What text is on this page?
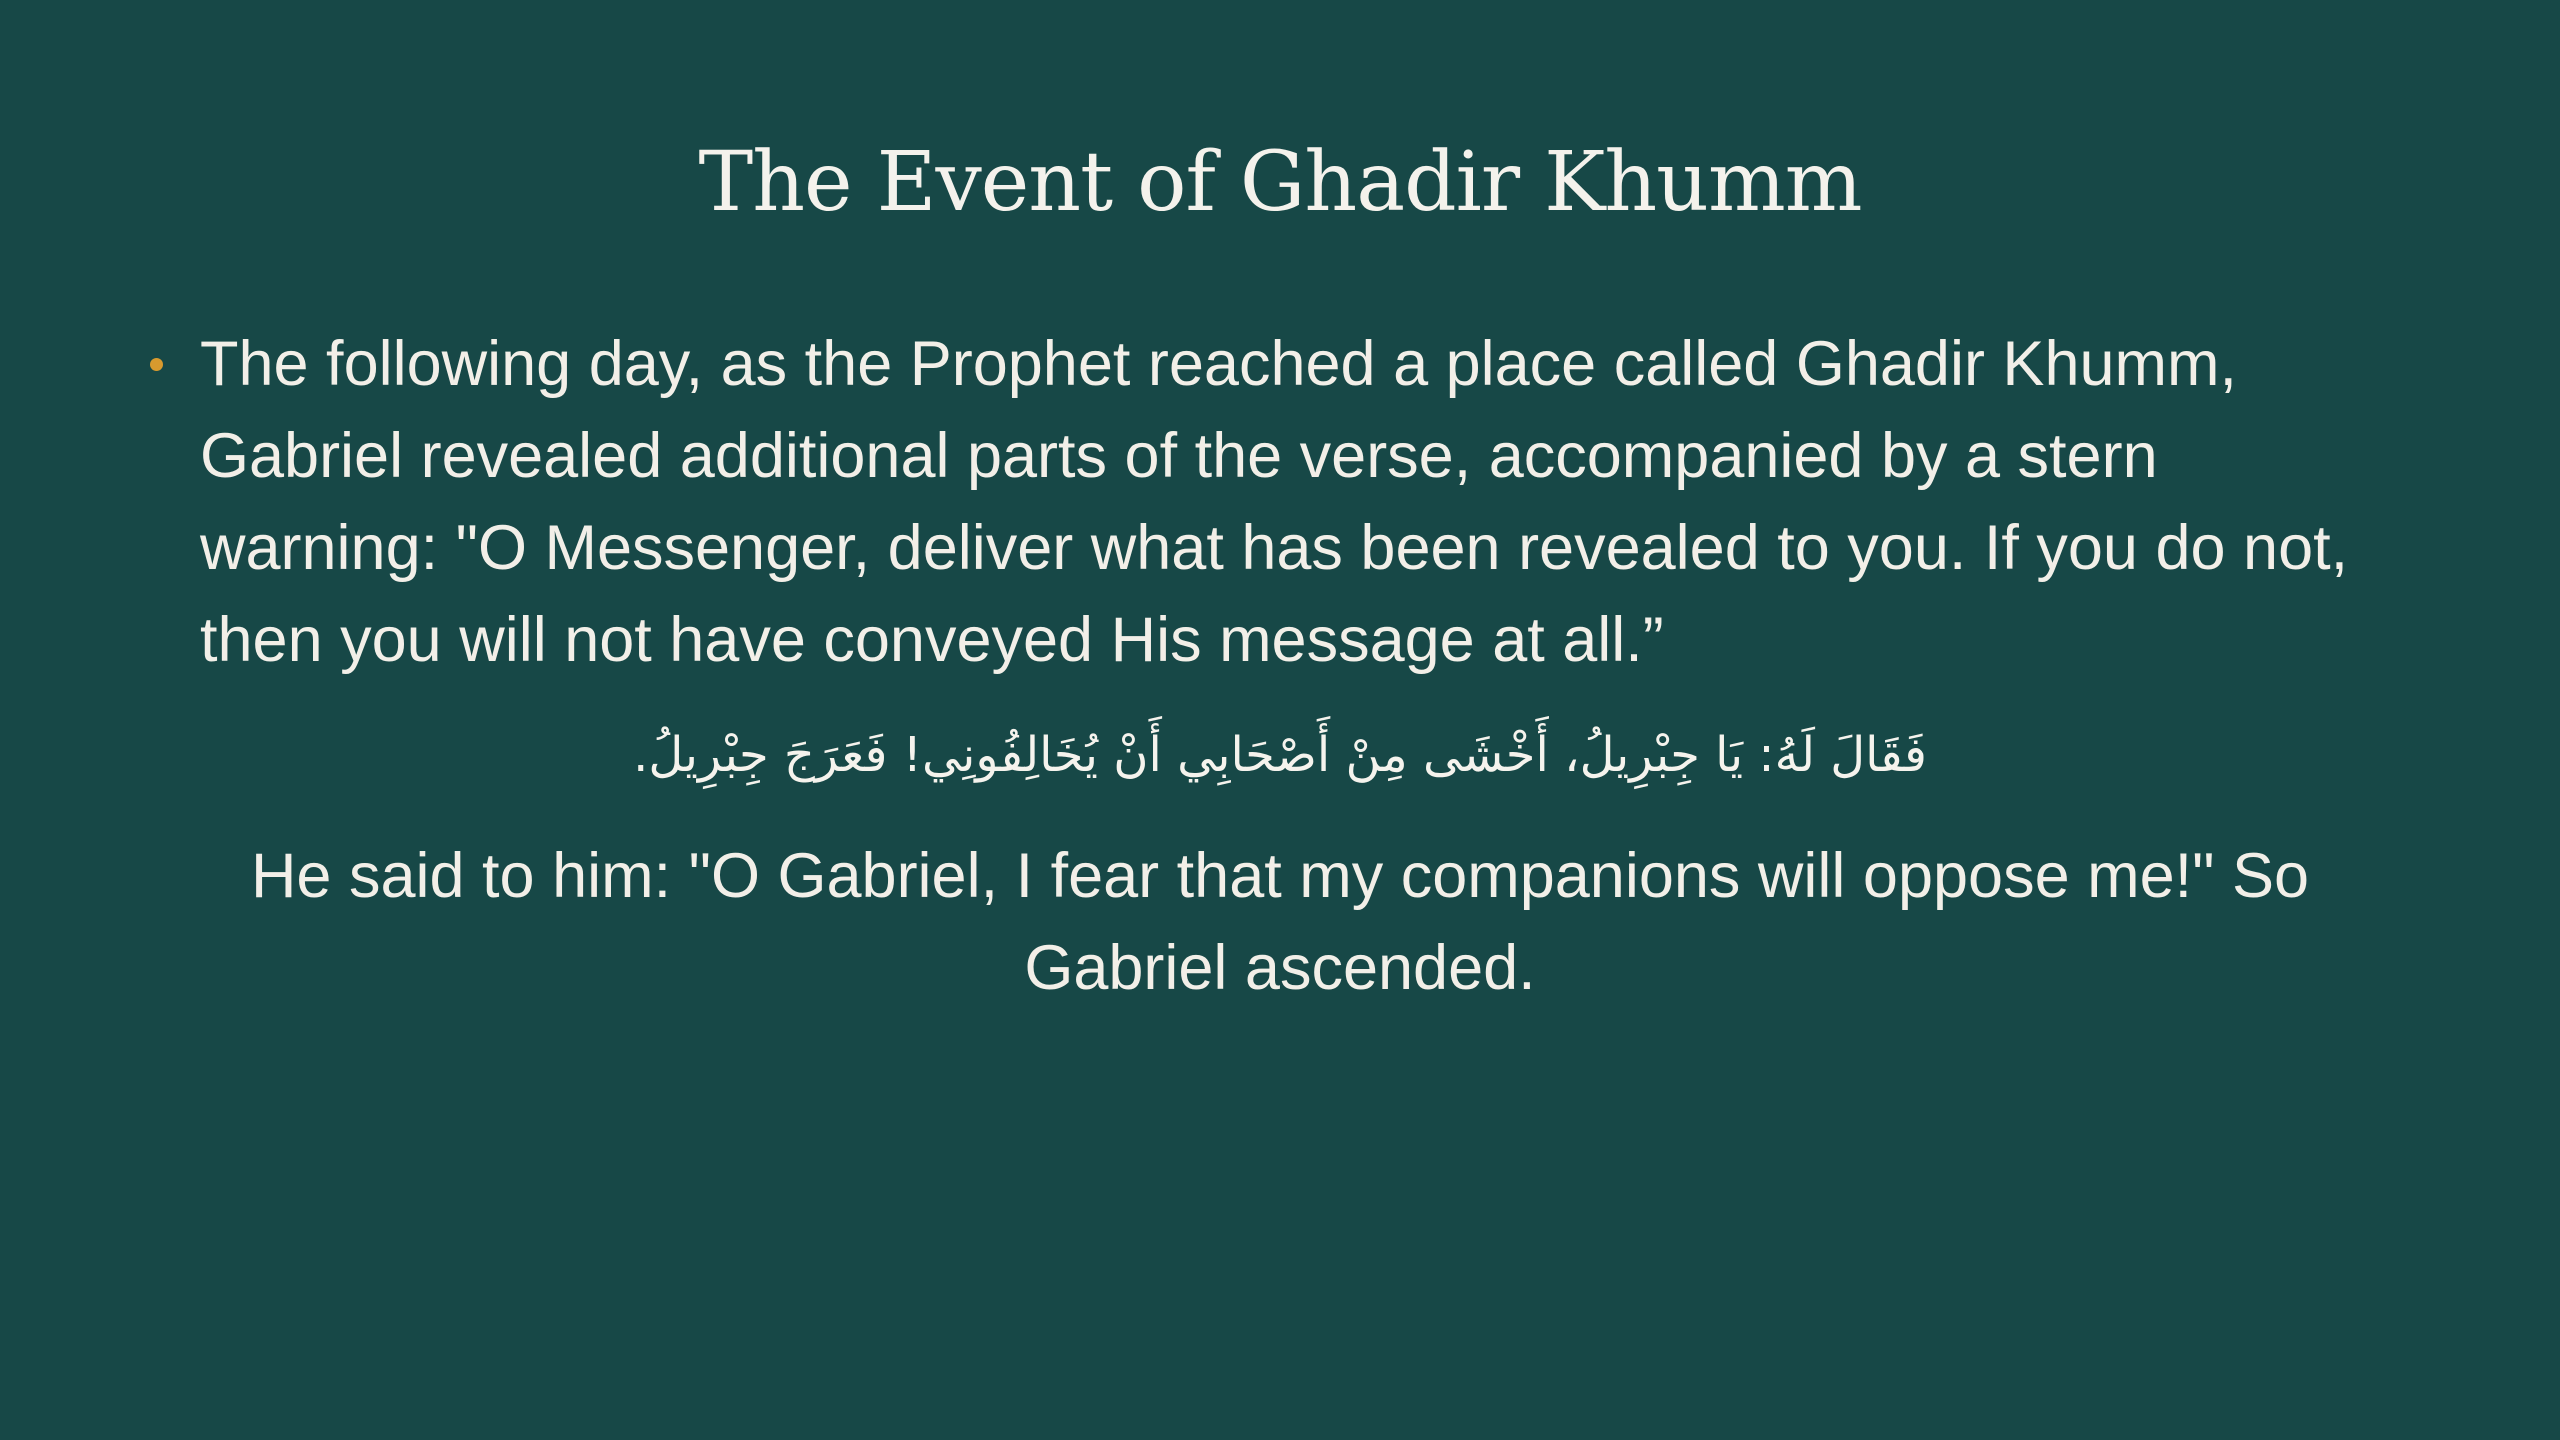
The Event of Ghadir Khumm
The following day, as the Prophet reached a place called Ghadir Khumm, Gabriel revealed additional parts of the verse, accompanied by a stern warning: "O Messenger, deliver what has been revealed to you. If you do not, then you will not have conveyed His message at all.”
فَقَالَ لَهُ: يَا جِبْرِيلُ، أَخْشَى مِنْ أَصْحَابِي أَنْ يُخَالِفُونِي! فَعَرَجَ جِبْرِيلُ.
He said to him: "O Gabriel, I fear that my companions will oppose me!" So Gabriel ascended.
